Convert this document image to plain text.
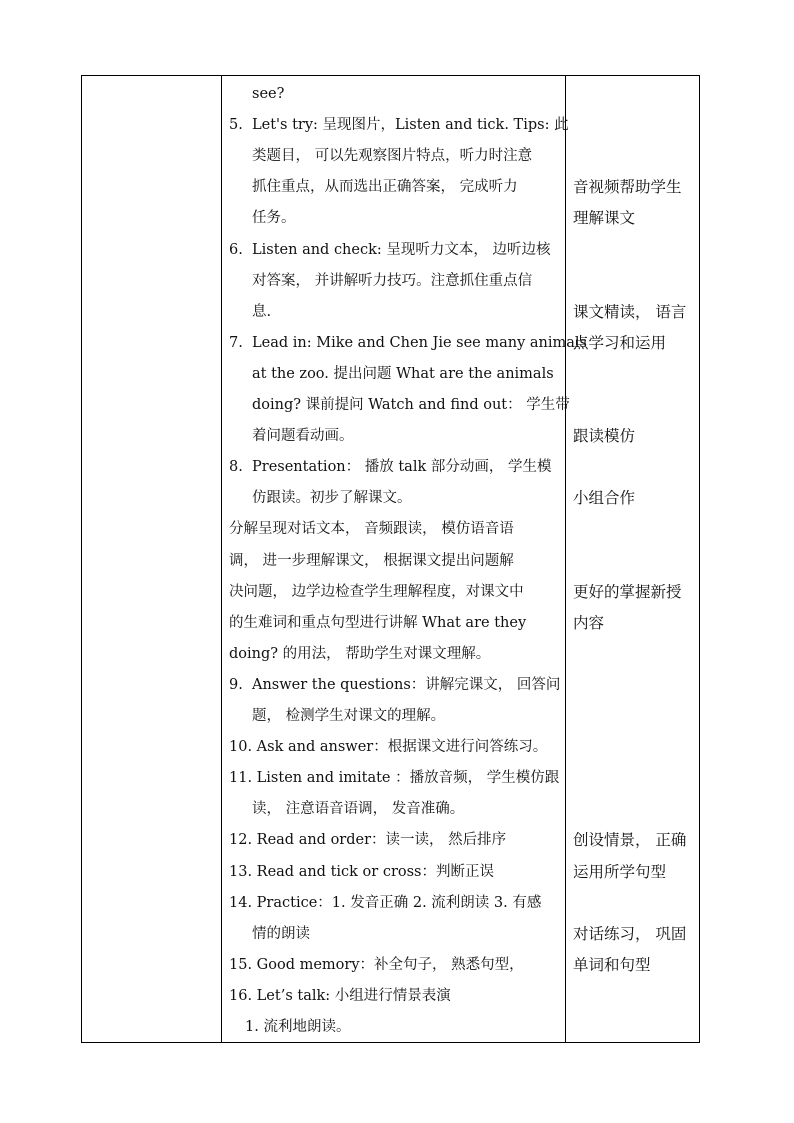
see?
5. Let's try: 呈现图片，Listen and tick. Tips: 此
类题目， 可以先观察图片特点，听力时注意
抓住重点，从而选出正确答案， 完成听力
任务。
6. Listen and check: 呈现听力文本， 边听边核
对答案， 并讲解听力技巧。注意抓住重点信
息.
7. Lead in: Mike and Chen Jie see many animals
at the zoo. 提出问题 What are the animals
doing? 课前提问 Watch and find out： 学生带
着问题看动画。
8. Presentation： 播放 talk 部分动画， 学生模
仿跟读。初步了解课文。
分解呈现对话文本， 音频跟读， 模仿语音语
调， 进一步理解课文， 根据课文提出问题解
决问题， 边学边检查学生理解程度，对课文中
的生难词和重点句型进行讲解 What are they
doing? 的用法， 帮助学生对课文理解。
9. Answer the questions：讲解完课文， 回答问
题， 检测学生对课文的理解。
10. Ask and answer：根据课文进行问答练习。
11. Listen and imitate ：播放音频， 学生模仿跟
读， 注意语音语调， 发音准确。
12. Read and order：读一读， 然后排序
13. Read and tick or cross：判断正误
14. Practice：1. 发音正确 2. 流利朗读 3. 有感
情的朗读
15. Good memory：补全句子， 熟悉句型，
16. Let’s talk: 小组进行情景表演
1. 流利地朗读。
音视频帮助学生
理解课文
课文精读， 语言
点学习和运用
跟读模仿
小组合作
更好的掌握新授
内容
创设情景， 正确
运用所学句型
对话练习， 巩固
单词和句型
